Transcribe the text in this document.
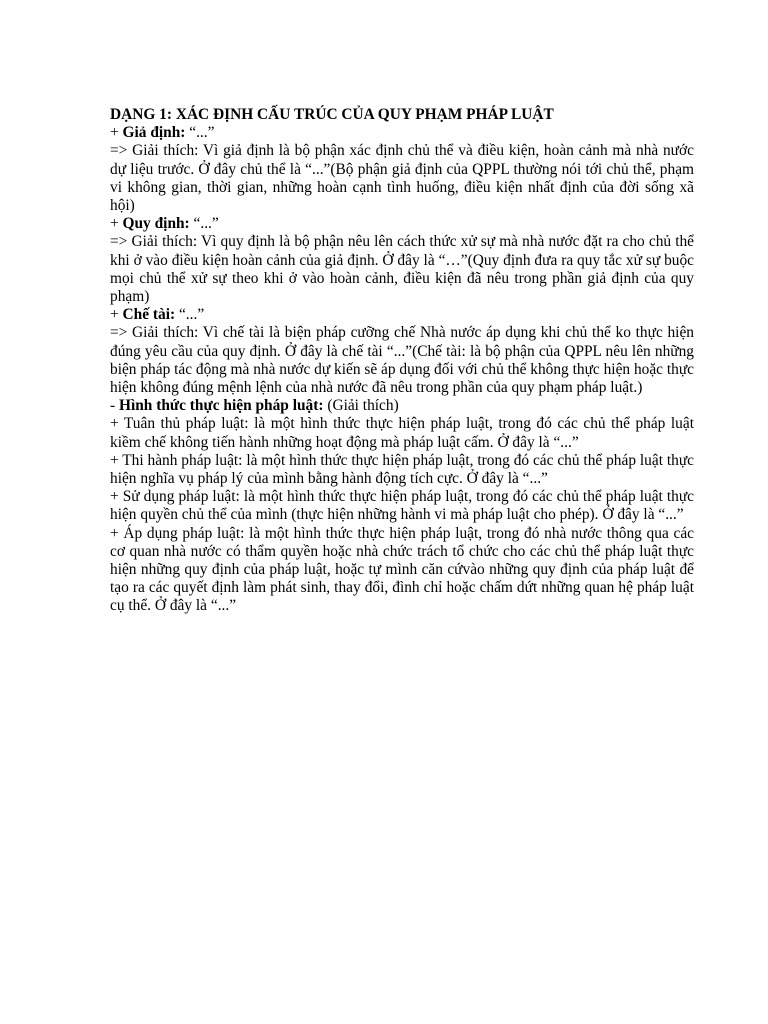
DẠNG 1: XÁC ĐỊNH CẤU TRÚC CỦA QUY PHẠM PHÁP LUẬT

+ Giả định: “...”

=> Giải thích: Vì giả định là bộ phận xác định chủ thể và điều kiện, hoàn cảnh mà nhà nước dự liệu trước. Ở đây chủ thể là “...”(Bộ phận giả định của QPPL thường nói tới chủ thể, phạm vi không gian, thời gian, những hoàn cạnh tình huống, điều kiện nhất định của đời sống xã hội)

+ Quy định: “...”

=> Giải thích: Vì quy định là bộ phận nêu lên cách thức xử sự mà nhà nước đặt ra cho chủ thể khi ở vào điều kiện hoàn cảnh của giả định. Ở đây là “…”(Quy định đưa ra quy tắc xử sự buộc mọi chủ thể xử sự theo khi ở vào hoàn cảnh, điều kiện đã nêu trong phần giả định của quy phạm)

+ Chế tài: “...”

=> Giải thích: Vì chế tài là biện pháp cưỡng chế Nhà nước áp dụng khi chủ thể ko thực hiện đúng yêu cầu của quy định. Ở đây là chế tài “...”(Chế tài: là bộ phận của QPPL nêu lên những biện pháp tác động mà nhà nước dự kiến sẽ áp dụng đối với chủ thể không thực hiện hoặc thực hiện không đúng mệnh lệnh của nhà nước đã nêu trong phần của quy phạm pháp luật.)

- Hình thức thực hiện pháp luật: (Giải thích)

+ Tuân thủ pháp luật: là một hình thức thực hiện pháp luật, trong đó các chủ thể pháp luật kiềm chế không tiến hành những hoạt động mà pháp luật cấm. Ở đây là “...”

+ Thi hành pháp luật: là một hình thức thực hiện pháp luật, trong đó các chủ thể pháp luật thực hiện nghĩa vụ pháp lý của mình bằng hành động tích cực. Ở đây là “...”

+ Sử dụng pháp luật: là một hình thức thực hiện pháp luật, trong đó các chủ thể pháp luật thực hiện quyền chủ thể của mình (thực hiện những hành vi mà pháp luật cho phép). Ở đây là “...”

+ Áp dụng pháp luật: là một hình thức thực hiện pháp luật, trong đó nhà nước thông qua các cơ quan nhà nước có thẩm quyền hoặc nhà chức trách tổ chức cho các chủ thể pháp luật thực hiện những quy định của pháp luật, hoặc tự mình căn cứvào những quy định của pháp luật để tạo ra các quyết định làm phát sinh, thay đổi, đình chỉ hoặc chấm dứt những quan hệ pháp luật cụ thể. Ở đây là “...”
